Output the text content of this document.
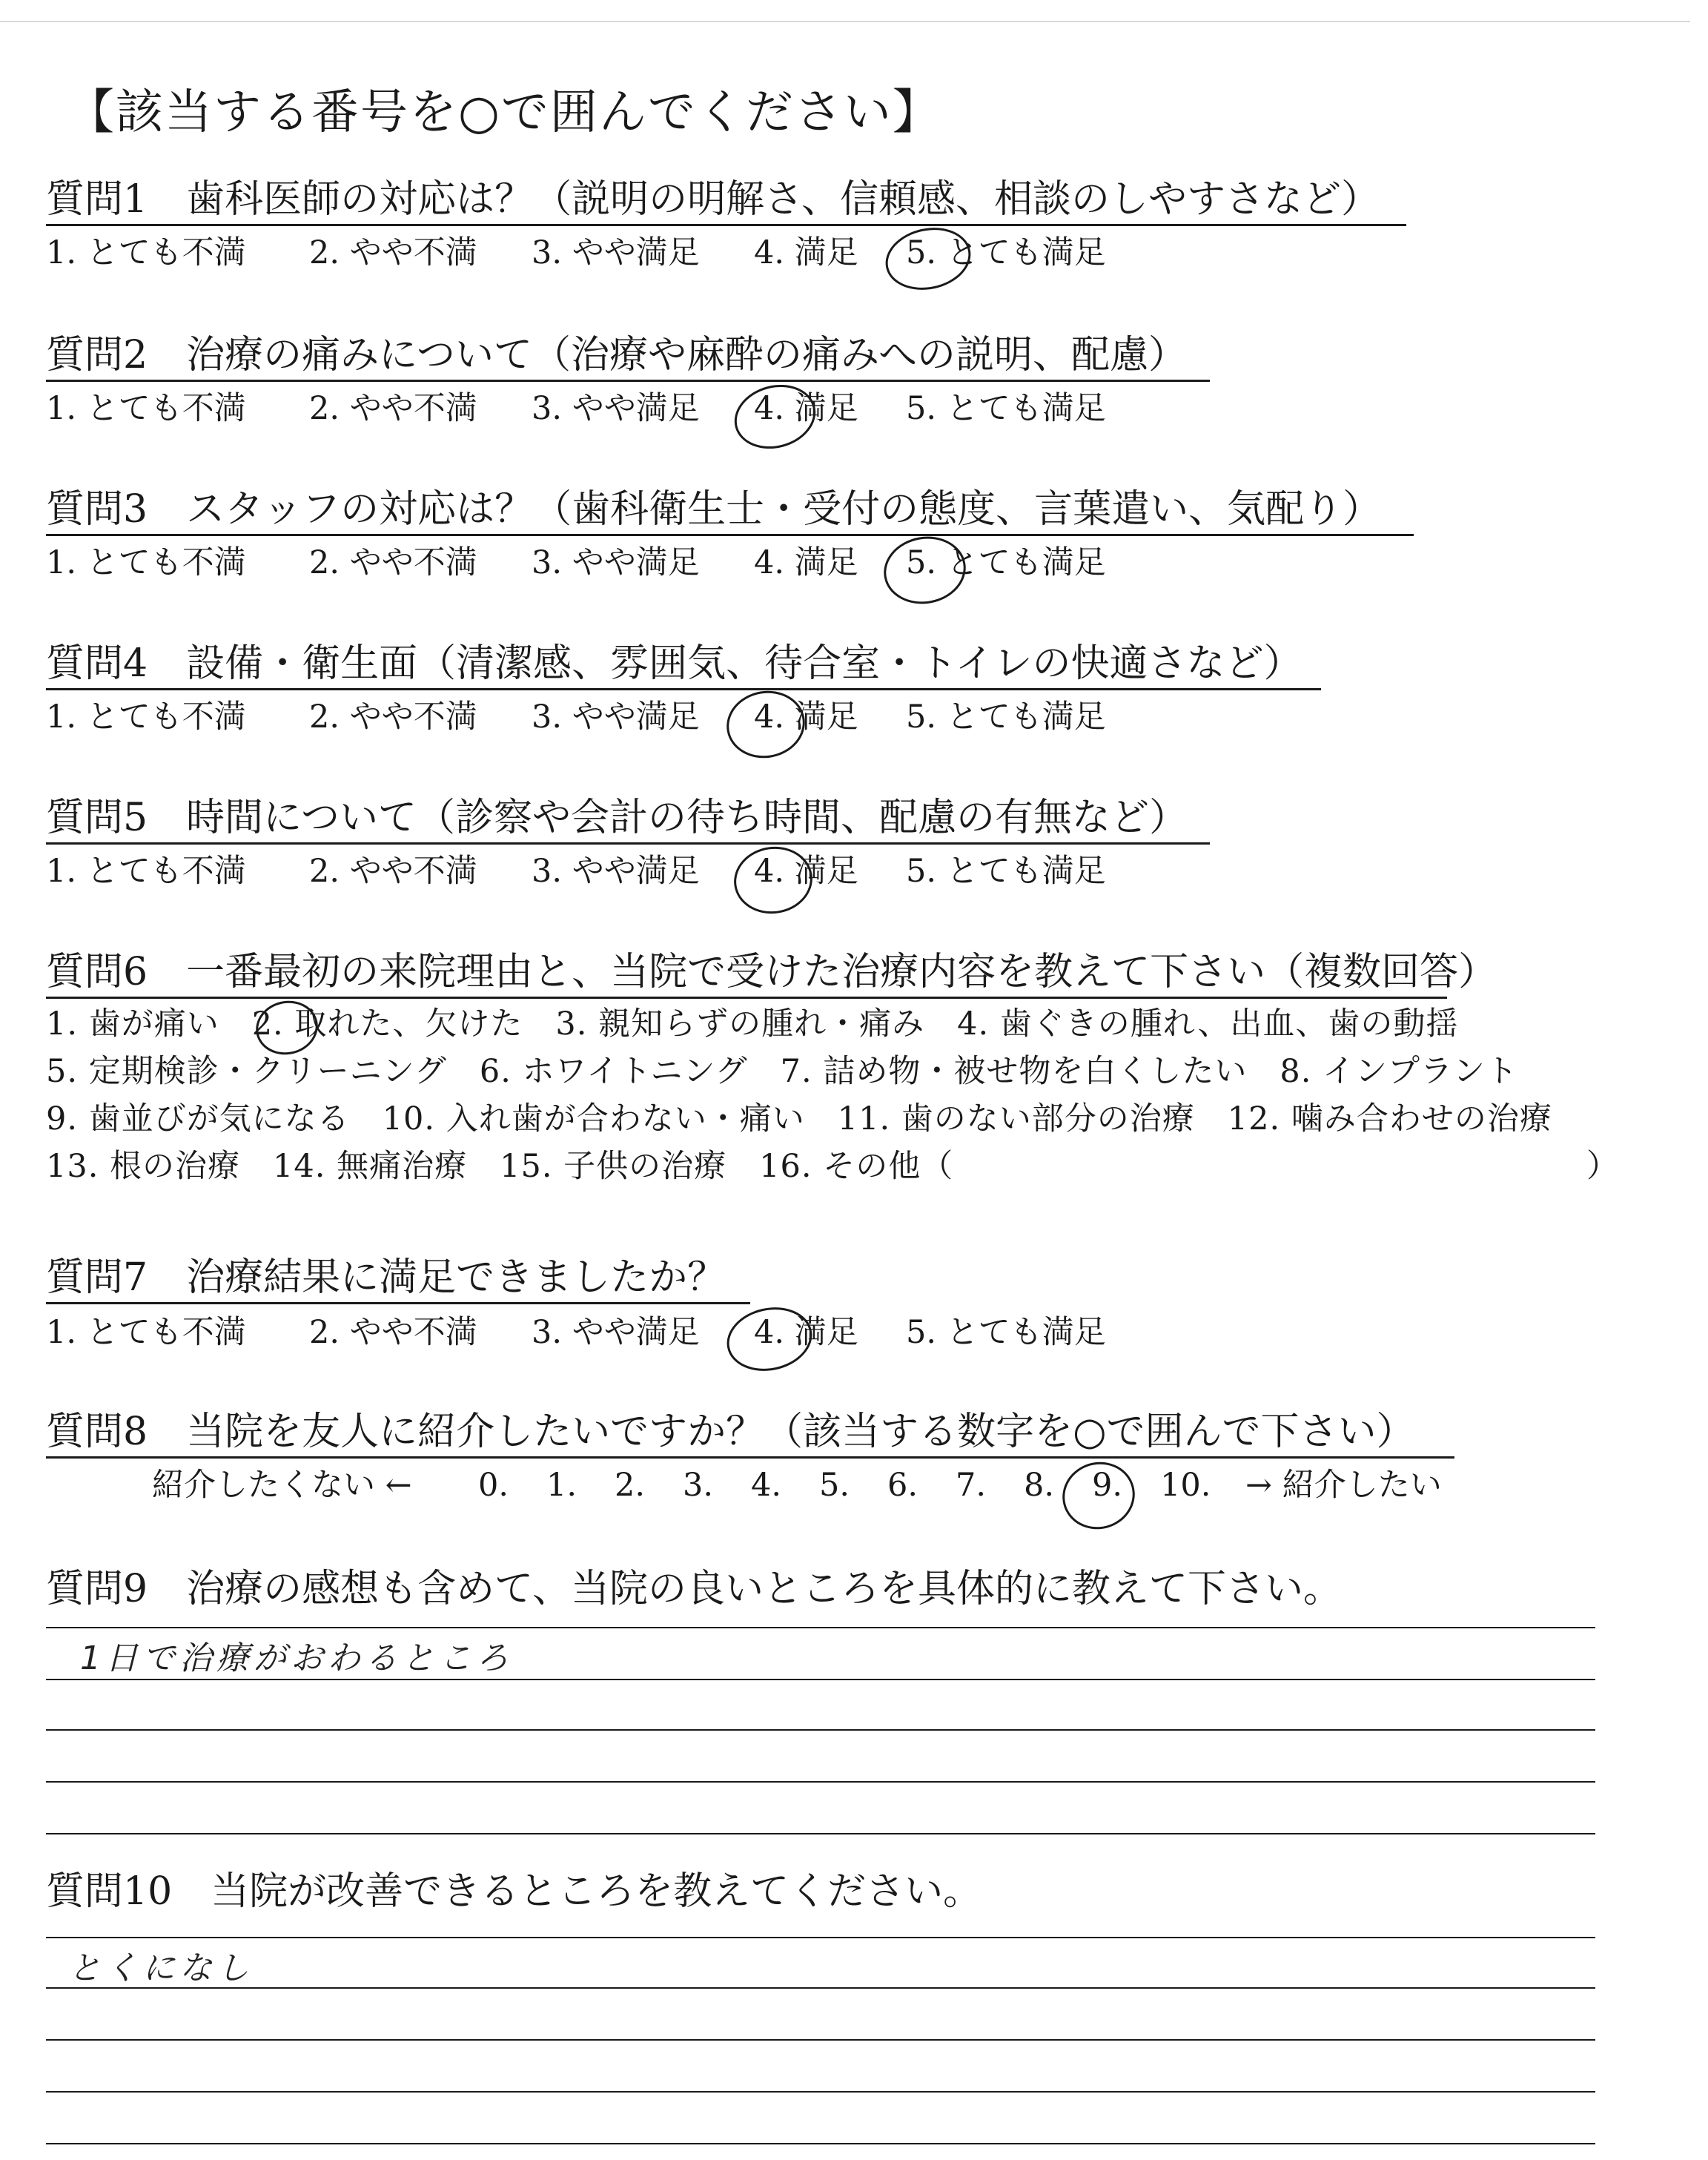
【該当する番号を○で囲んでください】
質問1　歯科医師の対応は？（説明の明解さ、信頼感、相談のしやすさなど）
1. とても不満 2. やや不満 3. やや満足 4. 満足 5. とても満足
質問2　治療の痛みについて（治療や麻酔の痛みへの説明、配慮）
1. とても不満 2. やや不満 3. やや満足 4. 満足 5. とても満足
質問3　スタッフの対応は？（歯科衛生士・受付の態度、言葉遣い、気配り）
1. とても不満 2. やや不満 3. やや満足 4. 満足 5. とても満足
質問4　設備・衛生面（清潔感、雰囲気、待合室・トイレの快適さなど）
1. とても不満 2. やや不満 3. やや満足 4. 満足 5. とても満足
質問5　時間について（診察や会計の待ち時間、配慮の有無など）
1. とても不満 2. やや不満 3. やや満足 4. 満足 5. とても満足
質問6　一番最初の来院理由と、当院で受けた治療内容を教えて下さい（複数回答）
1. 歯が痛い　2. 取れた、欠けた　3. 親知らずの腫れ・痛み　4. 歯ぐきの腫れ、出血、歯の動揺
5. 定期検診・クリーニング　6. ホワイトニング　7. 詰め物・被せ物を白くしたい　8. インプラント
9. 歯並びが気になる　10. 入れ歯が合わない・痛い　11. 歯のない部分の治療　12. 噛み合わせの治療
13. 根の治療　14. 無痛治療　15. 子供の治療　16. その他（	）
質問7　治療結果に満足できましたか？
1. とても不満 2. やや不満 3. やや満足 4. 満足 5. とても満足
質問8　当院を友人に紹介したいですか？（該当する数字を○で囲んで下さい）
紹介したくない ← 0. 1. 2. 3. 4. 5. 6. 7. 8. 9. 10. → 紹介したい
質問9　治療の感想も含めて、当院の良いところを具体的に教えて下さい。
1日で治療がおわるところ
質問10　当院が改善できるところを教えてください。
とくになし
